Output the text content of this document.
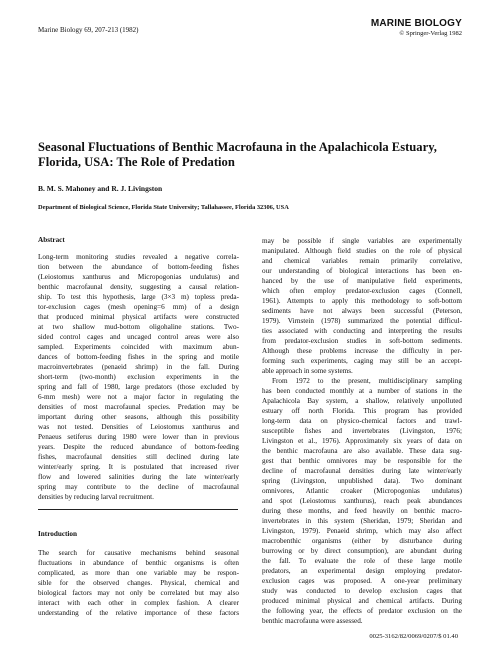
Marine Biology 69, 207-213 (1982)
MARINE BIOLOGY
© Springer-Verlag 1982
Seasonal Fluctuations of Benthic Macrofauna in the Apalachicola Estuary,
Florida, USA: The Role of Predation
B. M. S. Mahoney and R. J. Livingston
Department of Biological Science, Florida State University; Tallahassee, Florida 32306, USA
Abstract
Long-term monitoring studies revealed a negative correla-
tion between the abundance of bottom-feeding fishes
(Leiostomus xanthurus and Micropogonias undulatus) and
benthic macrofaunal density, suggesting a causal relation-
ship. To test this hypothesis, large (3×3 m) topless preda-
tor-exclusion cages (mesh opening=6 mm) of a design
that produced minimal physical artifacts were constructed
at two shallow mud-bottom oligohaline stations. Two-
sided control cages and uncaged control areas were also
sampled. Experiments coincided with maximum abun-
dances of bottom-feeding fishes in the spring and motile
macroinvertebrates (penaeid shrimp) in the fall. During
short-term (two-month) exclusion experiments in the
spring and fall of 1980, large predators (those excluded by
6-mm mesh) were not a major factor in regulating the
densities of most macrofaunal species. Predation may be
important during other seasons, although this possibility
was not tested. Densities of Leiostomus xanthurus and
Penaeus setiferus during 1980 were lower than in previous
years. Despite the reduced abundance of bottom-feeding
fishes, macrofaunal densities still declined during late
winter/early spring. It is postulated that increased river
flow and lowered salinities during the late winter/early
spring may contribute to the decline of macrofaunal
densities by reducing larval recruitment.
Introduction
The search for causative mechanisms behind seasonal
fluctuations in abundance of benthic organisms is often
complicated, as more than one variable may be respon-
sible for the observed changes. Physical, chemical and
biological factors may not only be correlated but may also
interact with each other in complex fashion. A clearer
understanding of the relative importance of these factors
may be possible if single variables are experimentally
manipulated. Although field studies on the role of physical
and chemical variables remain primarily correlative,
our understanding of biological interactions has been en-
hanced by the use of manipulative field experiments,
which often employ predator-exclusion cages (Connell,
1961). Attempts to apply this methodology to soft-bottom
sediments have not always been successful (Peterson,
1979). Virnstein (1978) summarized the potential difficul-
ties associated with conducting and interpreting the results
from predator-exclusion studies in soft-bottom sediments.
Although these problems increase the difficulty in per-
forming such experiments, caging may still be an accept-
able approach in some systems.
From 1972 to the present, multidisciplinary sampling
has been conducted monthly at a number of stations in the
Apalachicola Bay system, a shallow, relatively unpolluted
estuary off north Florida. This program has provided
long-term data on physico-chemical factors and trawl-
susceptible fishes and invertebrates (Livingston, 1976;
Livingston et al., 1976). Approximately six years of data on
the benthic macrofauna are also available. These data sug-
gest that benthic omnivores may be responsible for the
decline of macrofaunal densities during late winter/early
spring (Livingston, unpublished data). Two dominant
omnivores, Atlantic croaker (Micropogonias undulatus)
and spot (Leiostomus xanthurus), reach peak abundances
during these months, and feed heavily on benthic macro-
invertebrates in this system (Sheridan, 1979; Sheridan and
Livingston, 1979). Penaeid shrimp, which may also affect
macrobenthic organisms (either by disturbance during
burrowing or by direct consumption), are abundant during
the fall. To evaluate the role of these large motile
predators, an experimental design employing predator-
exclusion cages was proposed. A one-year preliminary
study was conducted to develop exclusion cages that
produced minimal physical and chemical artifacts. During
the following year, the effects of predator exclusion on the
benthic macrofauna were assessed.
0025-3162/82/0069/0207/$ 01.40
